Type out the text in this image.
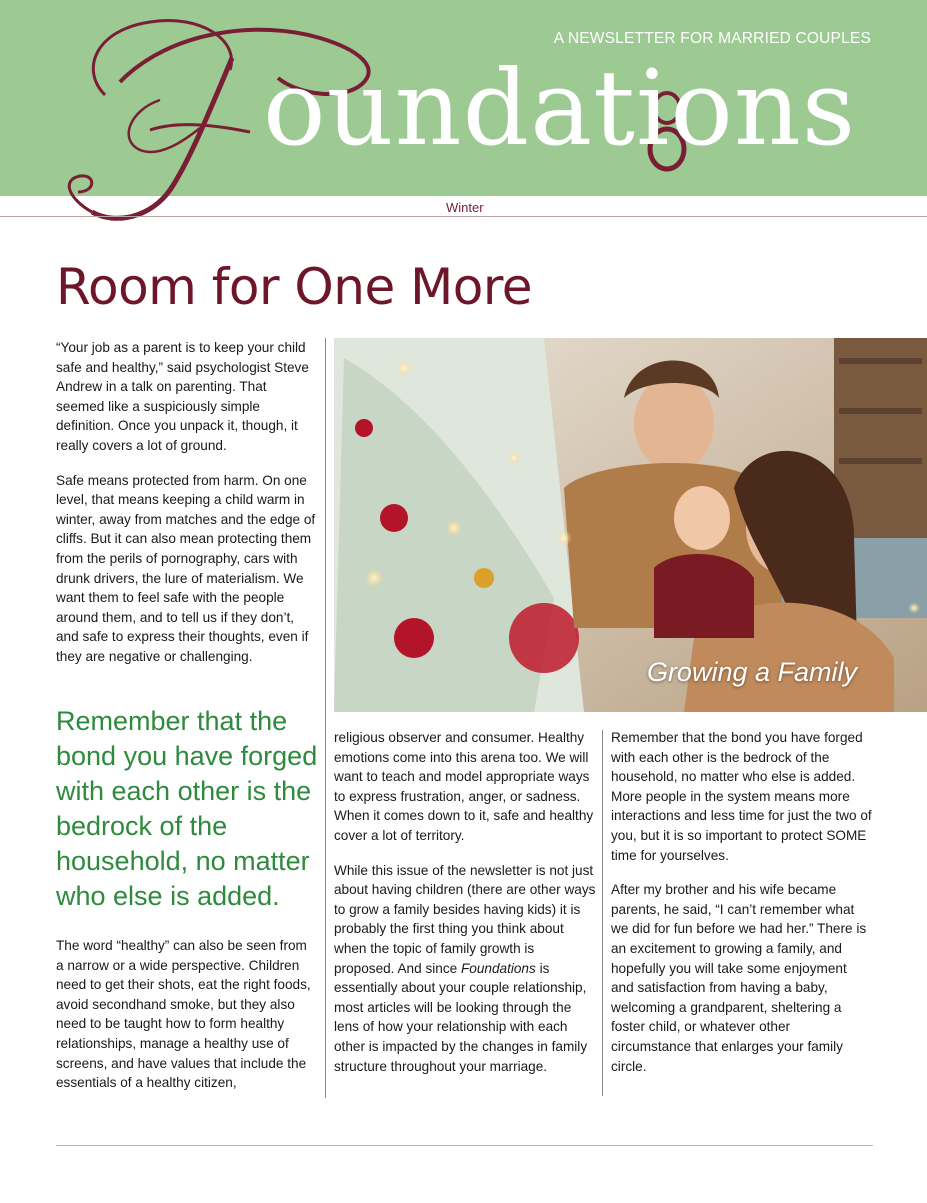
A NEWSLETTER FOR MARRIED COUPLES
oundations
Winter
Room for One More

“Your job as a parent is to keep your child safe and healthy,” said psychologist Steve Andrew in a talk on parenting. That seemed like a suspiciously simple definition. Once you unpack it, though, it really covers a lot of ground.

Safe means protected from harm. On one level, that means keeping a child warm in winter, away from matches and the edge of cliffs. But it can also mean protecting them from the perils of pornography, cars with drunk drivers, the lure of materialism. We want them to feel safe with the people around them, and to tell us if they don’t, and safe to express their thoughts, even if they are negative or challenging.

Remember that the bond you have forged with each other is the bedrock of the household, no matter who else is added.

The word “healthy” can also be seen from a narrow or a wide perspective. Children need to get their shots, eat the right foods, avoid secondhand smoke, but they also need to be taught how to form healthy relationships, manage a healthy use of screens, and have values that include the essentials of a healthy citizen,

Growing a Family

religious observer and consumer. Healthy emotions come into this arena too. We will want to teach and model appropriate ways to express frustration, anger, or sadness. When it comes down to it, safe and healthy cover a lot of territory.

While this issue of the newsletter is not just about having children (there are other ways to grow a family besides having kids) it is probably the first thing you think about when the topic of family growth is proposed. And since Foundations is essentially about your couple relationship, most articles will be looking through the lens of how your relationship with each other is impacted by the changes in family structure throughout your marriage.

Remember that the bond you have forged with each other is the bedrock of the household, no matter who else is added. More people in the system means more interactions and less time for just the two of you, but it is so important to protect SOME time for yourselves.

After my brother and his wife became parents, he said, “I can’t remember what we did for fun before we had her.” There is an excitement to growing a family, and hopefully you will take some enjoyment and satisfaction from having a baby, welcoming a grandparent, sheltering a foster child, or whatever other circumstance that enlarges your family circle.
